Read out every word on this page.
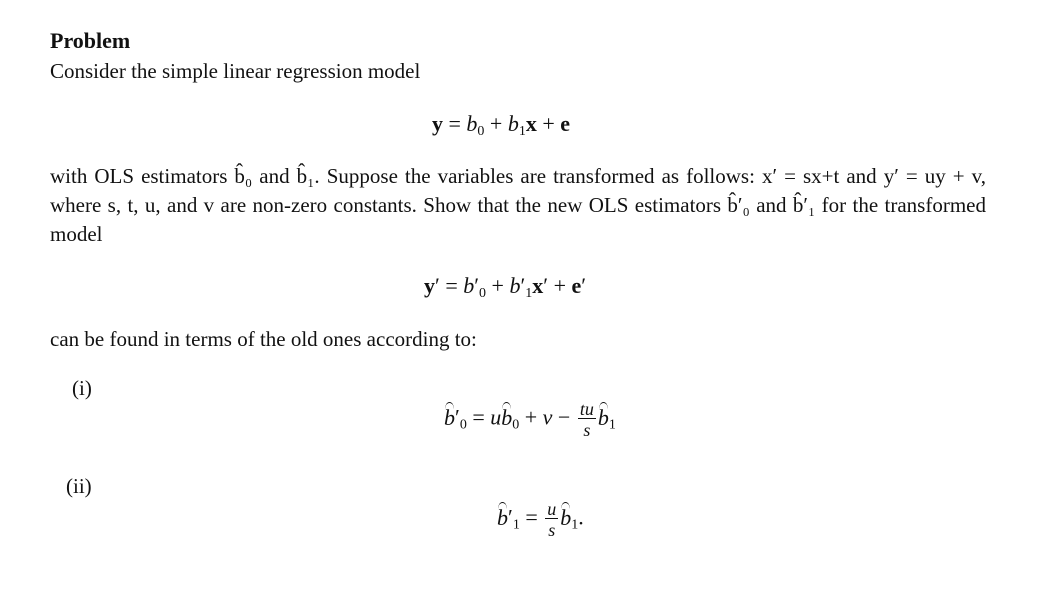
Problem
Consider the simple linear regression model
$y = b_0 + b_1x + e$
with OLS estimators b̂₀ and b̂₁. Suppose the variables are transformed as follows: x′ = sx+t and y′ = uy + v, where s, t, u, and v are non-zero constants. Show that the new OLS estimators b̂′₀ and b̂′₁ for the transformed model
$y' = b'_0 + b'_1x' + e'$
can be found in terms of the old ones according to:
(i)
$b'_0 = ub_0 + v - \frac{tu}{s} b_1$
(ii)
$b'_1 = \frac{u}{s} b_1$.
